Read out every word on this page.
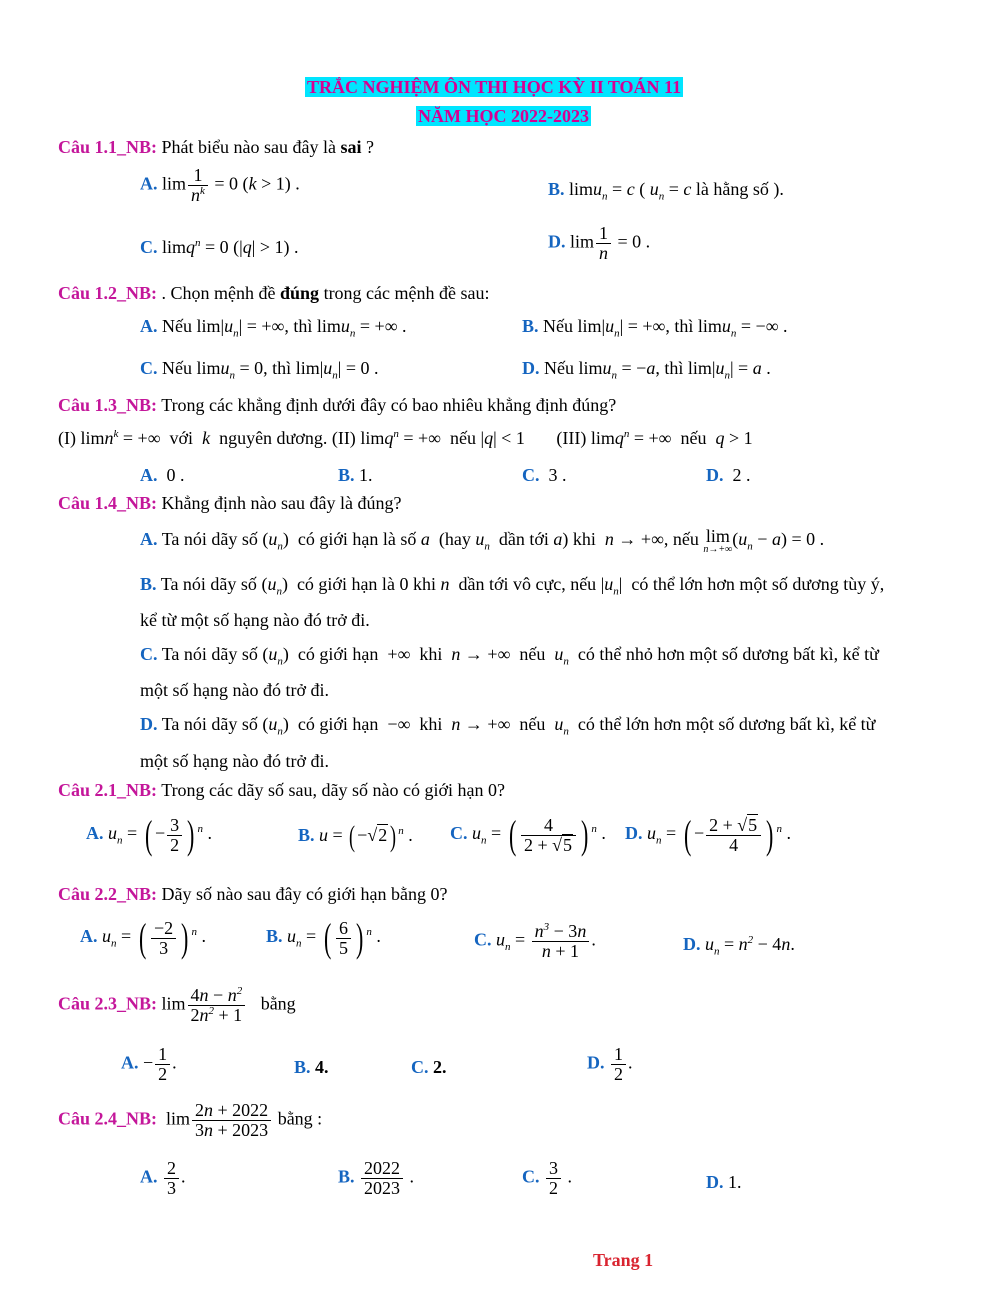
TRẮC NGHIỆM ÔN THI HỌC KỲ II TOÁN 11
NĂM HỌC 2022-2023
Câu 1.1_NB: Phát biểu nào sau đây là sai ?
A. $\lim \frac{1}{n^k} = 0$ (k > 1) .	B. limu$_n$ = c ( $u_n = c$ là hằng số ).
C. limq$^n$ = 0 (|q| > 1) .	D. $\lim \frac{1}{n} = 0$ .
Câu 1.2_NB: . Chọn mệnh đề đúng trong các mệnh đề sau:
A. Nếu $\lim|u_n|$ = +∞, thì limu$_n$ = +∞ .	B. Nếu $\lim|u_n|$ = +∞, thì limu$_n$ = −∞ .
C. Nếu limu$_n$ = 0, thì $\lim|u_n| = 0$ .	D. Nếu limu$_n$ = −a, thì $\lim|u_n| = a$ .
Câu 1.3_NB: Trong các khẳng định dưới đây có bao nhiêu khẳng định đúng?
(I) limn$^k$ = +∞  với k nguyên dương. (II) limq$^n$ = +∞  nếu |q| < 1       (III) limq$^n$ = +∞  nếu q > 1
A.  0 .	B. 1.	C.  3 .	D.  2 .
Câu 1.4_NB: Khẳng định nào sau đây là đúng?
A. Ta nói dãy số $(u_n)$  có giới hạn là số a (hay $u_n$ dần tới a) khi n → +∞, nếu lim
n→+∞
$(u_n - a) = 0$ .
B. Ta nói dãy số $(u_n)$  có giới hạn là 0 khi n dần tới vô cực, nếu $|u_n|$  có thể lớn hơn một số dương tùy ý,
kể từ một số hạng nào đó trở đi.
C. Ta nói dãy số $(u_n)$  có giới hạn  +∞  khi n → +∞  nếu $u_n$ có thể nhỏ hơn một số dương bất kì, kể từ
một số hạng nào đó trở đi.
D. Ta nói dãy số $(u_n)$  có giới hạn  −∞  khi n → +∞  nếu $u_n$ có thể lớn hơn một số dương bất kì, kể từ
một số hạng nào đó trở đi.
Câu 2.1_NB: Trong các dãy số sau, dãy số nào có giới hạn 0?
A. $u_n$ = ( − $\frac{3}{2}$ ) $^n$ .	B. u = ( −√2 ) $^n$ . C. $u_n$ = ( $\frac{4}{2 + √5}$ ) $^n$ . D. $u_n$ = ( − $\frac{2 + √5}{4}$ ) $^n$ .
Câu 2.2_NB: Dãy số nào sau đây có giới hạn bằng 0?
A. $u_n$ = ( $\frac{-2}{3}$ ) $^n$ .	B. $u_n$ = ( $\frac{6}{5}$ ) $^n$ .	C. $u_n = \frac{n^3 - 3n}{n + 1}$ .	D. $u_n = n^2 - 4n$.
Câu 2.3_NB: $\lim \frac{4n - n^2}{2n^2 + 1}$ bằng
A. − $\frac{1}{2}$ .	B. 4.	C. 2.	D. $\frac{1}{2}$ .
Câu 2.4_NB:  $\lim \frac{2n + 2022}{3n + 2023}$ bằng :
A. $\frac{2}{3}$ .	B. $\frac{2022}{2023}$ .	C. $\frac{3}{2}$ .	D. 1.
Trang 1
